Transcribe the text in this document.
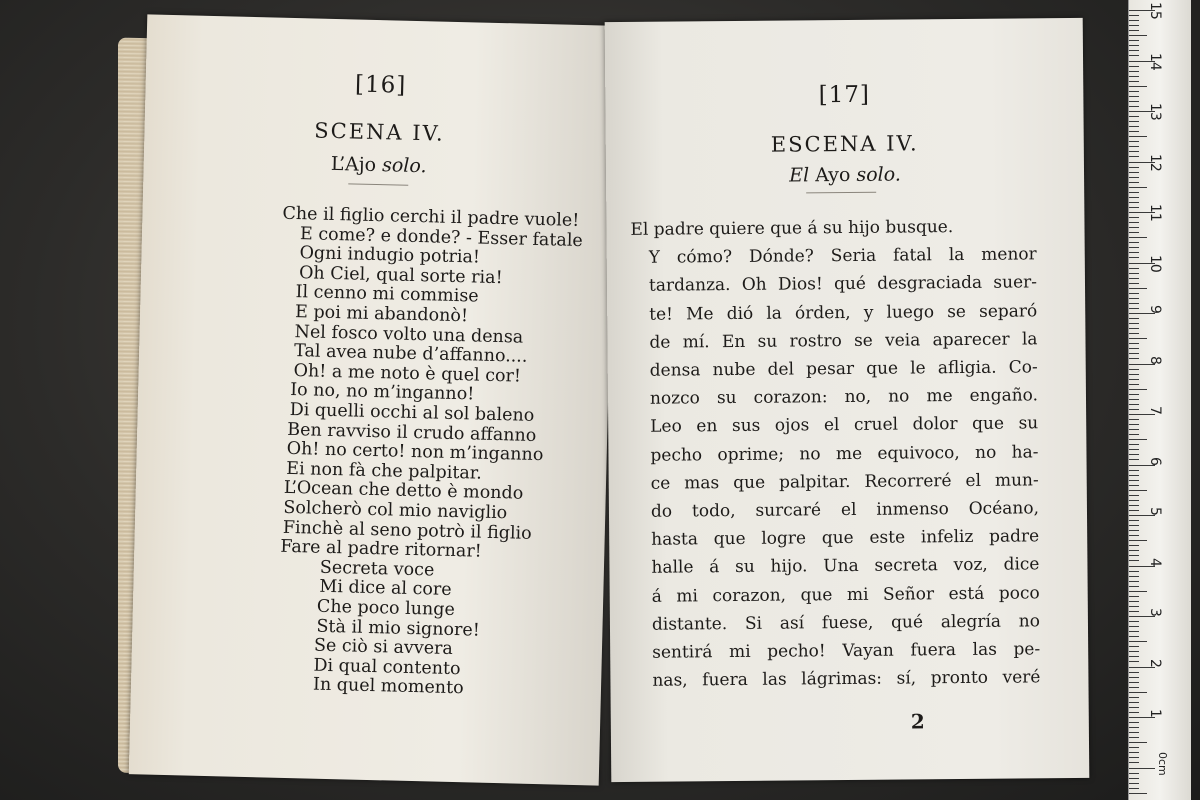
[16]
SCENA IV.
L’Ajo solo.
Che il figlio cerchi il padre vuole!
E come? e donde? - Esser fatale
Ogni indugio potria!
Oh Ciel, qual sorte ria!
Il cenno mi commise
E poi mi abandonò!
Nel fosco volto una densa
Tal avea nube d’affanno....
Oh! a me noto è quel cor!
Io no, no m’inganno!
Di quelli occhi al sol baleno
Ben ravviso il crudo affanno
Oh! no certo! non m’inganno
Ei non fà che palpitar.
L’Ocean che detto è mondo
Solcherò col mio naviglio
Finchè al seno potrò il figlio
Fare al padre ritornar!
Secreta voce
Mi dice al core
Che poco lunge
Stà il mio signore!
Se ciò si avvera
Di qual contento
In quel momento
[17]
ESCENA IV.
El Ayo solo.
El padre quiere que á su hijo busque.
Y cómo? Dónde? Seria fatal la menor
tardanza. Oh Dios! qué desgraciada suer-
te! Me dió la órden, y luego se separó
de mí. En su rostro se veia aparecer la
densa nube del pesar que le afligia. Co-
nozco su corazon: no, no me engaño.
Leo en sus ojos el cruel dolor que su
pecho oprime; no me equivoco, no ha-
ce mas que palpitar. Recorreré el mun-
do todo, surcaré el inmenso Océano,
hasta que logre que este infeliz padre
halle á su hijo. Una secreta voz, dice
á mi corazon, que mi Señor está poco
distante. Si así fuese, qué alegría no
sentirá mi pecho! Vayan fuera las pe-
nas, fuera las lágrimas: sí, pronto veré
2
0cm
15
14
13
12
11
10
9
8
7
6
5
4
3
2
1
